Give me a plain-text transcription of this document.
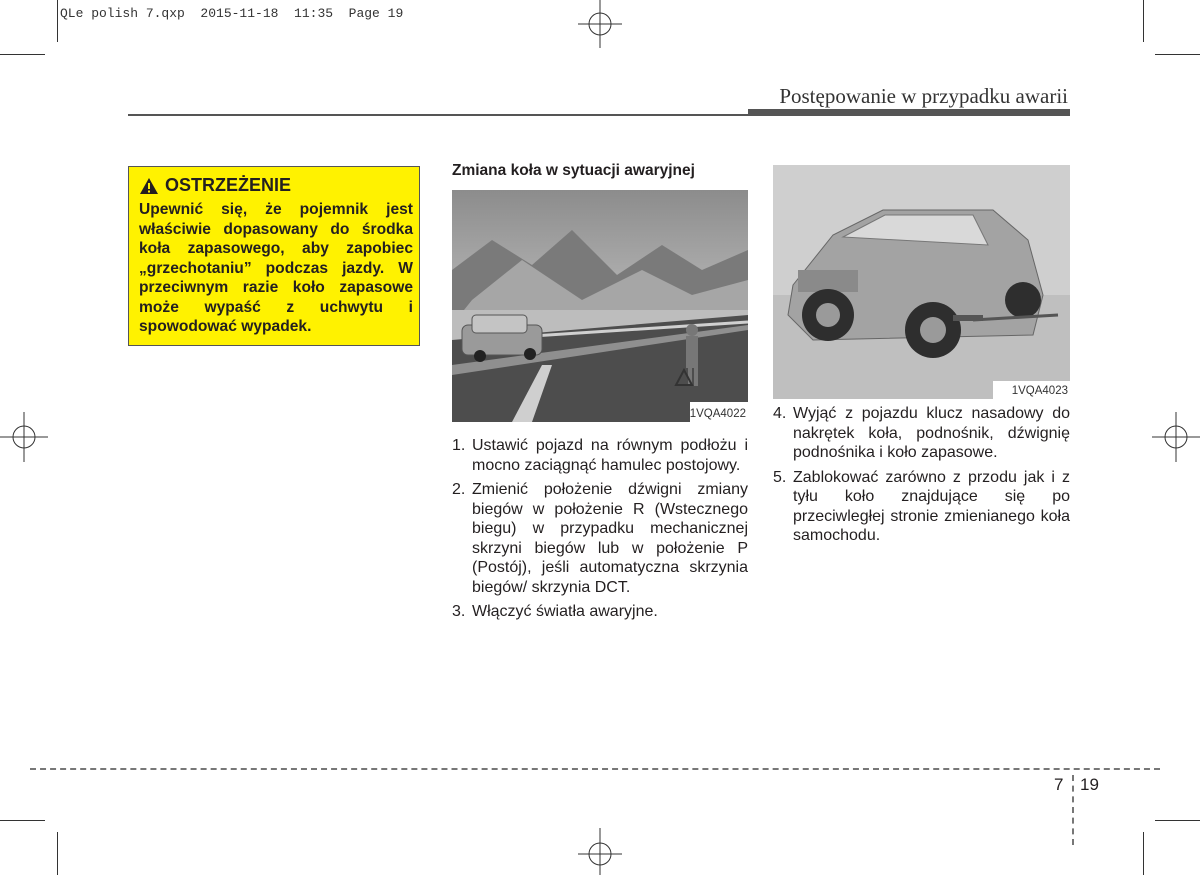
QLe polish 7.qxp  2015-11-18  11:35  Page 19
Postępowanie w przypadku awarii
OSTRZEŻENIE
Upewnić się, że pojemnik jest właściwie dopasowany do środka koła zapasowego, aby zapobiec „grzechotaniu” podczas jazdy. W przeciwnym razie koło zapasowe może wypaść z uchwytu i spowodować wypadek.
Zmiana koła w sytuacji awaryjnej
1VQA4022
1. Ustawić pojazd na równym podłożu i mocno zaciągnąć hamulec postojowy.
2. Zmienić położenie dźwigni zmiany biegów w położenie R (Wstecznego biegu) w przypadku mechanicznej skrzyni biegów lub w położenie P (Postój), jeśli automatyczna skrzynia biegów/ skrzynia DCT.
3. Włączyć światła awaryjne.
1VQA4023
4. Wyjąć z pojazdu klucz nasadowy do nakrętek koła, podnośnik, dźwignię podnośnika i koło zapasowe.
5. Zablokować zarówno z przodu jak i z tyłu koło znajdujące się po przeciwległej stronie zmienianego koła samochodu.
7 19
